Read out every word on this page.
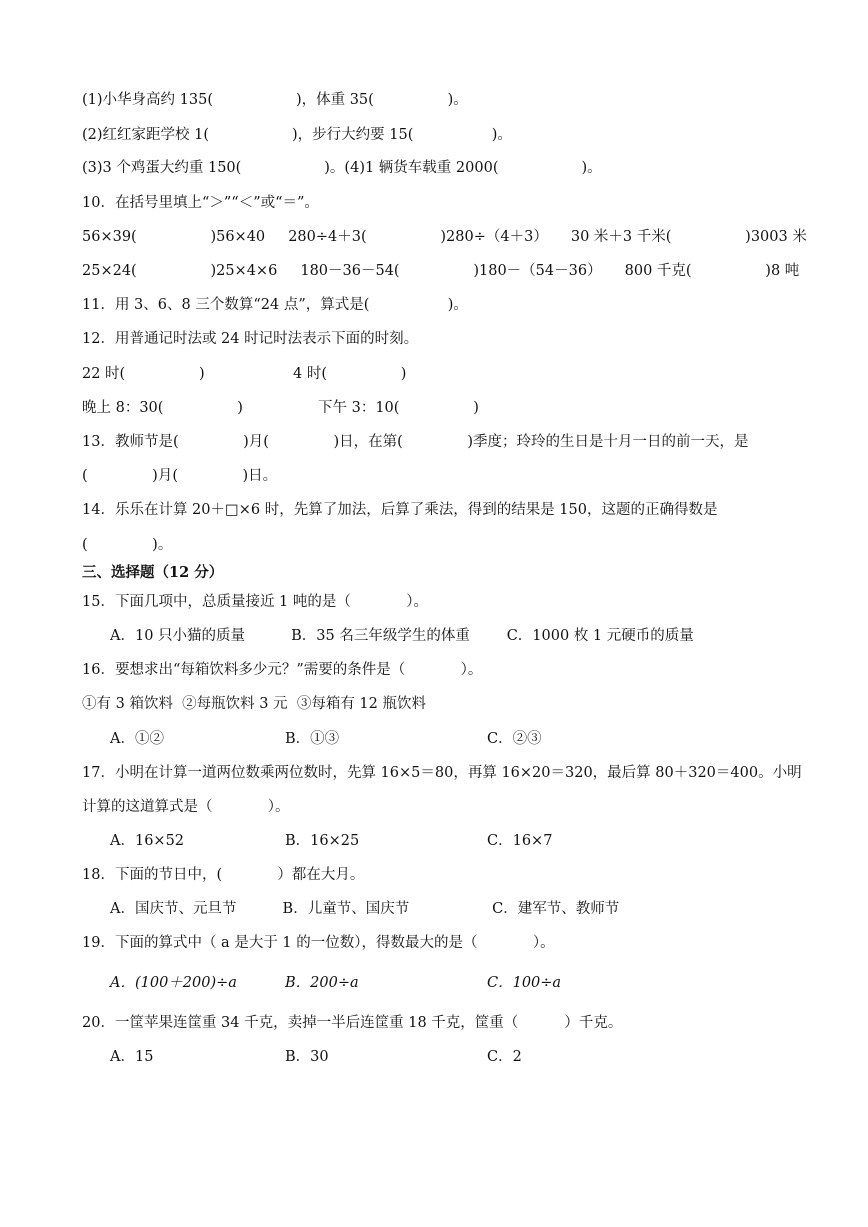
(1)小华身高约 135(                  )，体重 35(                )。
(2)红红家距学校 1(                  )，步行大约要 15(                 )。
(3)3 个鸡蛋大约重 150(                  )。(4)1 辆货车载重 2000(                  )。
10．在括号里填上“＞”“＜”或“＝”。
56×39(                )56×40     280÷4＋3(                )280÷（4＋3）     30 米＋3 千米(                )3003 米
25×24(                )25×4×6     180－36－54(                )180－（54－36）     800 千克(                )8 吨
11．用 3、6、8 三个数算“24 点”，算式是(                 )。
12．用普通记时法或 24 时记时法表示下面的时刻。
22 时(                )	4 时(                )
晚上 8：30(                )	下午 3：10(                )
13．教师节是(              )月(              )日，在第(              )季度；玲玲的生日是十月一日的前一天，是
(              )月(              )日。
14．乐乐在计算 20＋□×6 时，先算了加法，后算了乘法，得到的结果是 150，这题的正确得数是
(              )。
三、选择题（12 分）
15．下面几项中，总质量接近 1 吨的是（            ）。
A．10 只小猫的质量          B．35 名三年级学生的体重        C．1000 枚 1 元硬币的质量
16．要想求出“每箱饮料多少元？”需要的条件是（            ）。
①有 3 箱饮料  ②每瓶饮料 3 元  ③每箱有 12 瓶饮料
A．①②	B．①③	C．②③
17．小明在计算一道两位数乘两位数时，先算 16×5＝80，再算 16×20＝320，最后算 80＋320＝400。小明
计算的这道算式是（            ）。
A．16×52	B．16×25	C．16×7
18．下面的节日中，(            ）都在大月。
A．国庆节、元旦节          B．儿童节、国庆节                  C．建军节、教师节
19．下面的算式中（ a 是大于 1 的一位数），得数最大的是（            ）。
A．(100＋200)÷a	B．200÷a	C．100÷a
20．一筐苹果连筐重 34 千克，卖掉一半后连筐重 18 千克，筐重（          ）千克。
A．15	B．30	C．2
